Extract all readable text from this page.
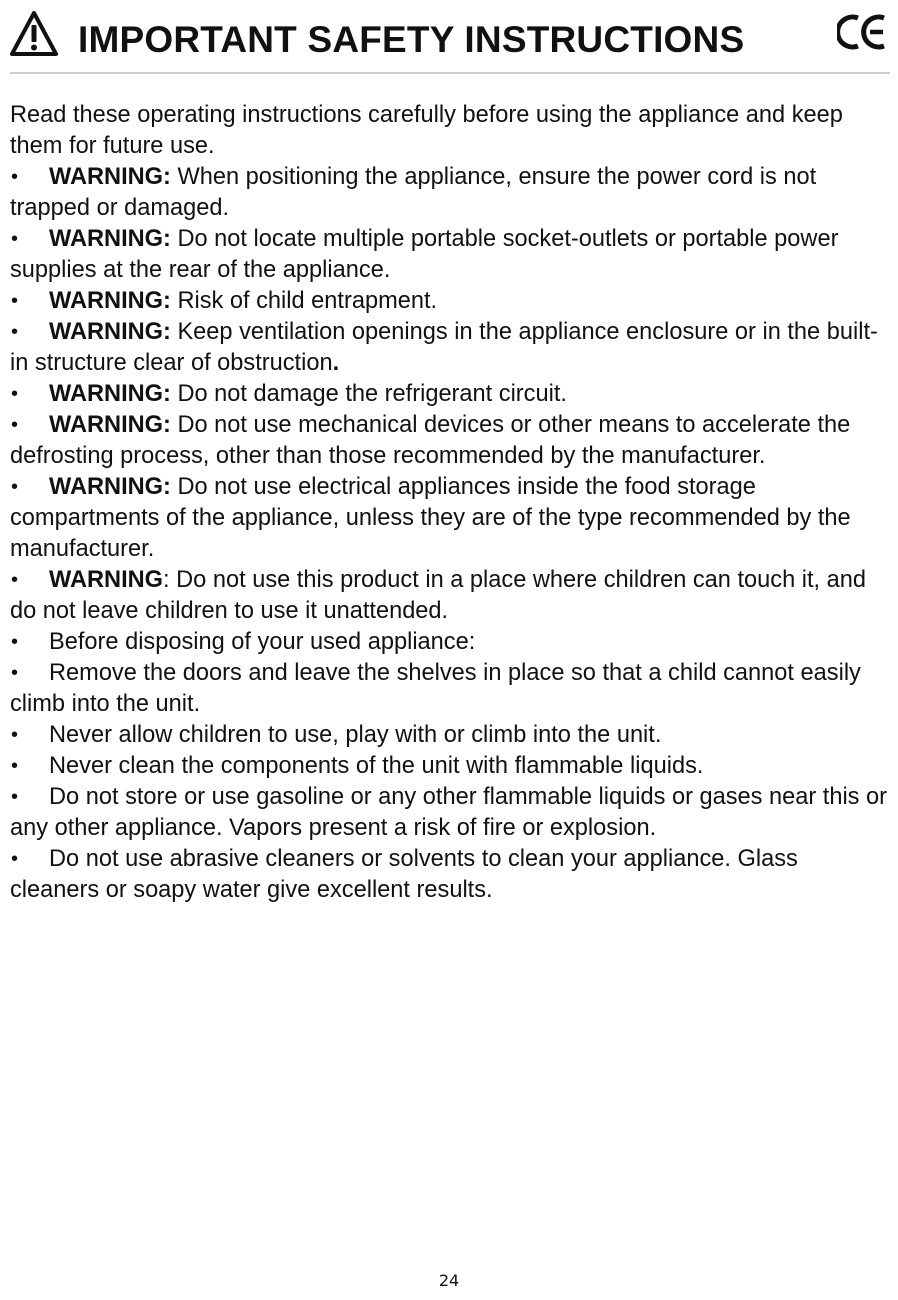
IMPORTANT SAFETY INSTRUCTIONS

Read these operating instructions carefully before using the appliance and keep them for future use.

• WARNING: When positioning the appliance, ensure the power cord is not trapped or damaged.

• WARNING: Do not locate multiple portable socket-outlets or portable power supplies at the rear of the appliance.

• WARNING: Risk of child entrapment.

• WARNING: Keep ventilation openings in the appliance enclosure or in the built-in structure clear of obstruction.

• WARNING: Do not damage the refrigerant circuit.

• WARNING: Do not use mechanical devices or other means to accelerate the defrosting process, other than those recommended by the manufacturer.

• WARNING: Do not use electrical appliances inside the food storage compartments of the appliance, unless they are of the type recommended by the manufacturer.

• WARNING: Do not use this product in a place where children can touch it, and do not leave children to use it unattended.

• Before disposing of your used appliance:

• Remove the doors and leave the shelves in place so that a child cannot easily climb into the unit.

• Never allow children to use, play with or climb into the unit.

• Never clean the components of the unit with flammable liquids.

• Do not store or use gasoline or any other flammable liquids or gases near this or any other appliance. Vapors present a risk of fire or explosion.

• Do not use abrasive cleaners or solvents to clean your appliance. Glass cleaners or soapy water give excellent results.

24
